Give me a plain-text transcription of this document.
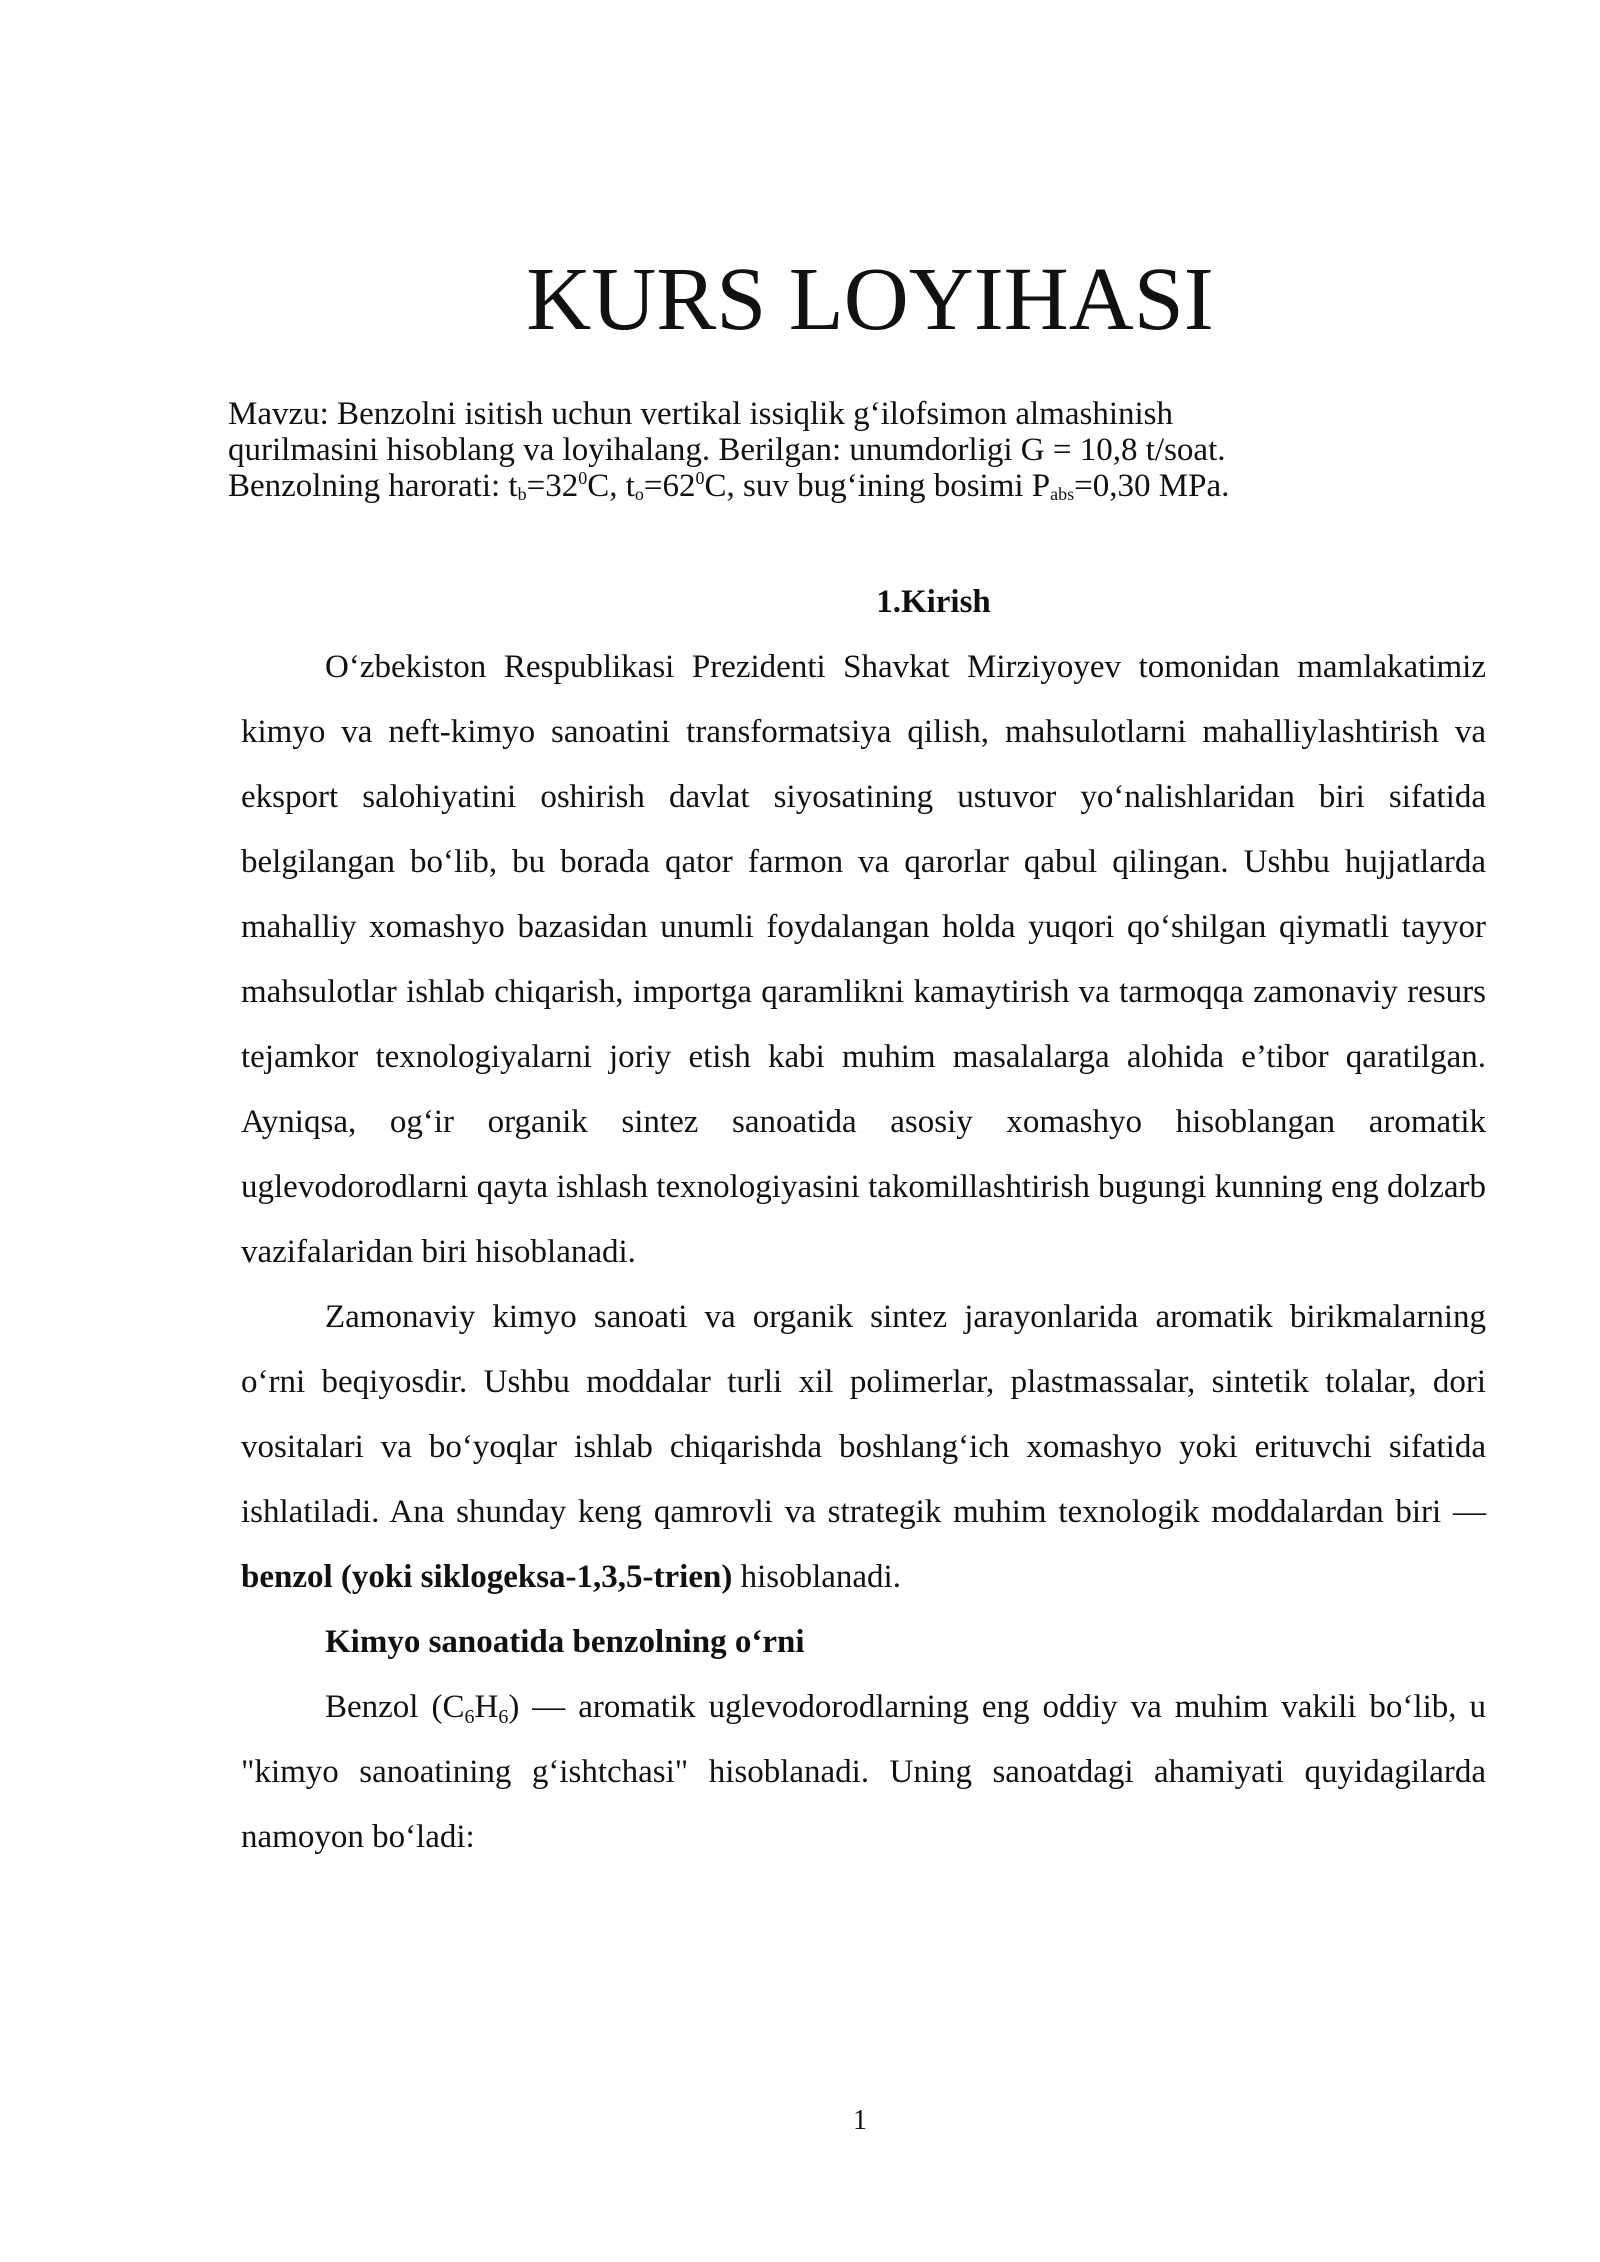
KURS LOYIHASI

Mavzu: Benzolni isitish uchun vertikal issiqlik g‘ilofsimon almashinish
qurilmasini hisoblang va loyihalang. Berilgan: unumdorligi G = 10,8 t/soat.
Benzolning harorati: $t_b=32^0C$, $t_o=62^0C$, suv bug‘ining bosimi $P_{abs}=0,30$ MPa.

1.Kirish

O‘zbekiston Respublikasi Prezidenti Shavkat Mirziyoyev tomonidan mamlakatimiz kimyo va neft-kimyo sanoatini transformatsiya qilish, mahsulotlarni mahalliylashtirish va eksport salohiyatini oshirish davlat siyosatining ustuvor yo‘nalishlaridan biri sifatida belgilangan bo‘lib, bu borada qator farmon va qarorlar qabul qilingan. Ushbu hujjatlarda mahalliy xomashyo bazasidan unumli foydalangan holda yuqori qo‘shilgan qiymatli tayyor mahsulotlar ishlab chiqarish, importga qaramlikni kamaytirish va tarmoqqa zamonaviy resurs tejamkor texnologiyalarni joriy etish kabi muhim masalalarga alohida e’tibor qaratilgan. Ayniqsa, og‘ir organik sintez sanoatida asosiy xomashyo hisoblangan aromatik uglevodorodlarni qayta ishlash texnologiyasini takomillashtirish bugungi kunning eng dolzarb vazifalaridan biri hisoblanadi.

Zamonaviy kimyo sanoati va organik sintez jarayonlarida aromatik birikmalarning o‘rni beqiyosdir. Ushbu moddalar turli xil polimerlar, plastmassalar, sintetik tolalar, dori vositalari va bo‘yoqlar ishlab chiqarishda boshlang‘ich xomashyo yoki erituvchi sifatida ishlatiladi. Ana shunday keng qamrovli va strategik muhim texnologik moddalardan biri — benzol (yoki siklogeksa-1,3,5-trien) hisoblanadi.

Kimyo sanoatida benzolning o‘rni

Benzol $(C_6H_6)$ — aromatik uglevodorodlarning eng oddiy va muhim vakili bo‘lib, u "kimyo sanoatining g‘ishtchasi" hisoblanadi. Uning sanoatdagi ahamiyati quyidagilarda namoyon bo‘ladi:

1
